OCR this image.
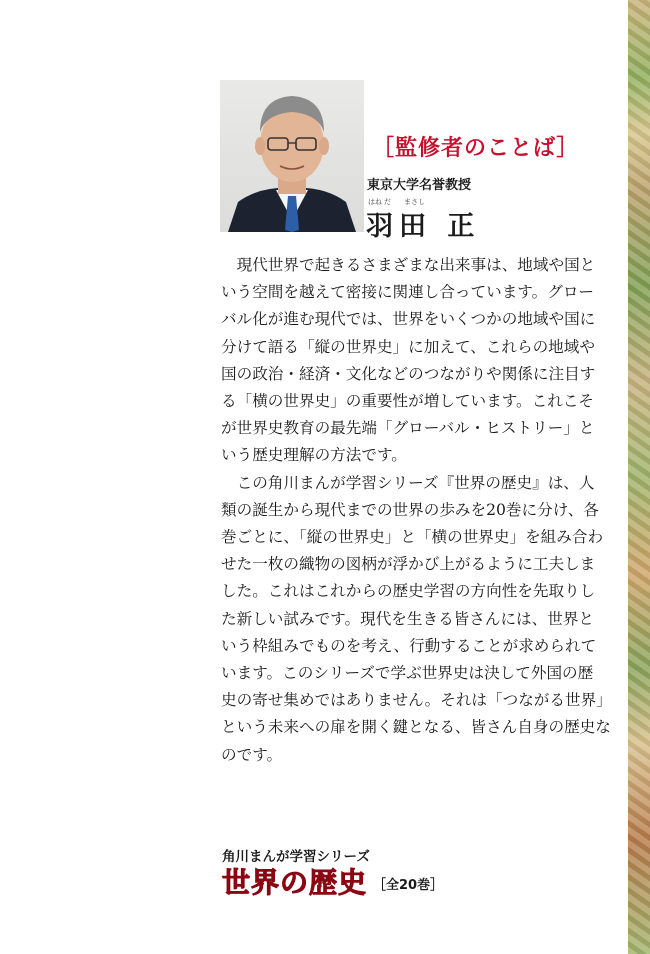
［監修者のことば］
東京大学名誉教授
はね だ まさし
羽田 正
　現代世界で起きるさまざまな出来事は、地域や国と
いう空間を越えて密接に関連し合っています。グロー
バル化が進む現代では、世界をいくつかの地域や国に
分けて語る「縦の世界史」に加えて、これらの地域や
国の政治・経済・文化などのつながりや関係に注目す
る「横の世界史」の重要性が増しています。これこそ
が世界史教育の最先端「グローバル・ヒストリー」と
いう歴史理解の方法です。
　この角川まんが学習シリーズ『世界の歴史』は、人
類の誕生から現代までの世界の歩みを20巻に分け、各
巻ごとに、「縦の世界史」と「横の世界史」を組み合わ
せた一枚の織物の図柄が浮かび上がるように工夫しま
した。これはこれからの歴史学習の方向性を先取りし
た新しい試みです。現代を生きる皆さんには、世界と
いう枠組みでものを考え、行動することが求められて
います。このシリーズで学ぶ世界史は決して外国の歴
史の寄せ集めではありません。それは「つながる世界」
という未来への扉を開く鍵となる、皆さん自身の歴史な
のです。
角川まんが学習シリーズ
世界の歴史 ［全20巻］
